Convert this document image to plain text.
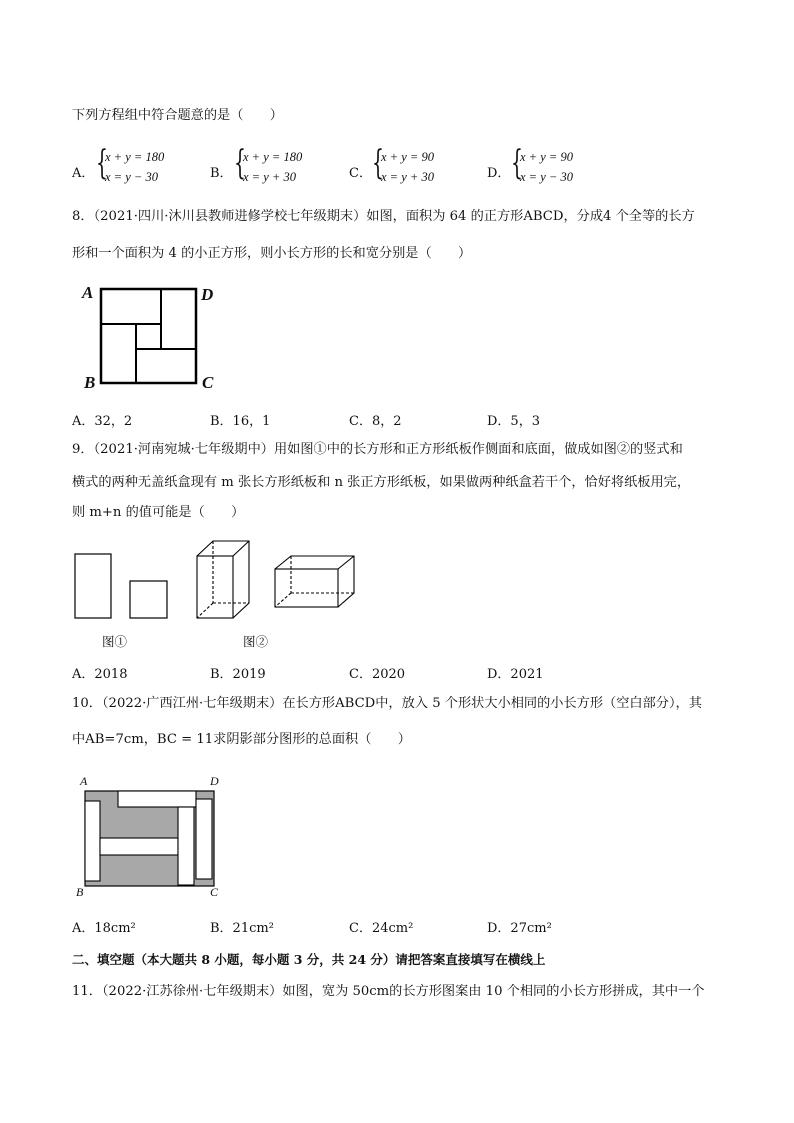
下列方程组中符合题意的是（　　）
A． {
x + y = 180
x = y − 30	B． {
x + y = 180
x = y + 30	C． {
x + y = 90
x = y + 30	D． {
x + y = 90
x = y − 30
8．（2021·四川·沐川县教师进修学校七年级期末）如图，面积为 64 的正方形ABCD，分成4 个全等的长方
形和一个面积为 4 的小正方形，则小长方形的长和宽分别是（　　）
A	D
B	C
A．32，2	B．16，1	C．8，2	D．5，3
9．（2021·河南宛城·七年级期中）用如图①中的长方形和正方形纸板作侧面和底面，做成如图②的竖式和
横式的两种无盖纸盒现有 m 张长方形纸板和 n 张正方形纸板，如果做两种纸盒若干个，恰好将纸板用完，
则 m+n 的值可能是（　　）
图①	图②
A．2018	B．2019	C．2020	D．2021
10．（2022·广西江州·七年级期末）在长方形ABCD中，放入 5 个形状大小相同的小长方形（空白部分），其
中AB=7cm，BC = 11求阴影部分图形的总面积（　　）
A	D
B	C
A．18cm²	B．21cm²	C．24cm²	D．27cm²
二、填空题（本大题共 8 小题，每小题 3 分，共 24 分）请把答案直接填写在横线上
11．（2022·江苏徐州·七年级期末）如图，宽为 50cm的长方形图案由 10 个相同的小长方形拼成，其中一个
